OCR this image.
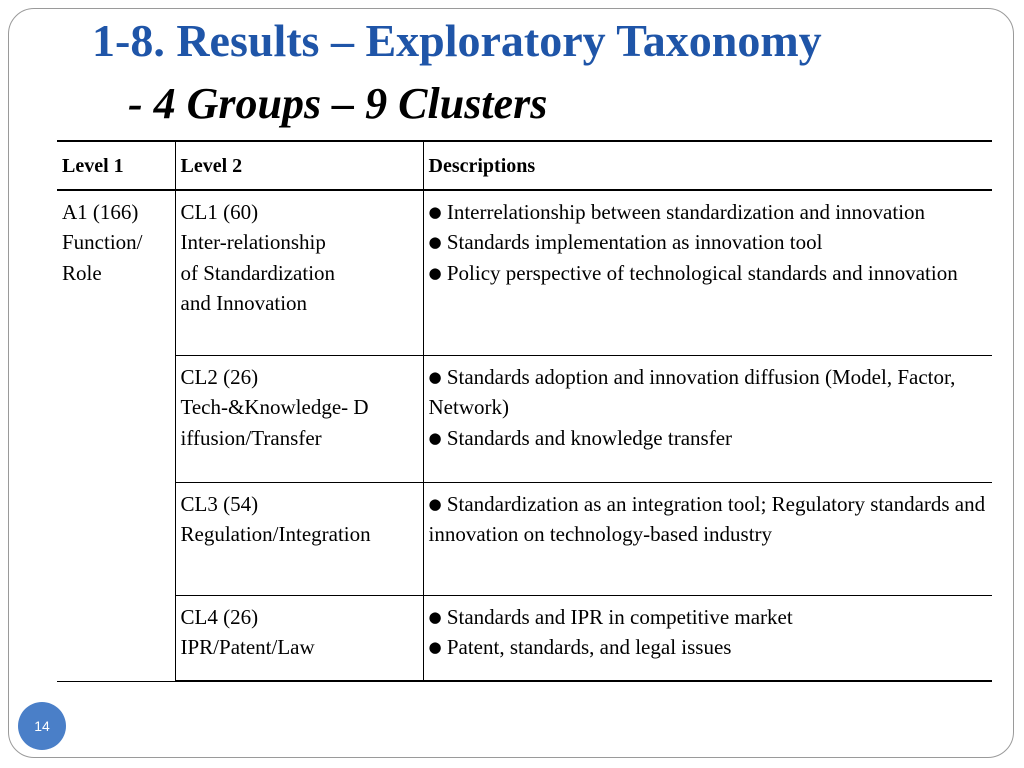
1-8. Results – Exploratory Taxonomy
- 4 Groups – 9 Clusters
Level 1	Level 2	Descriptions

A1 (166)
Function/
Role	CL1 (60)
Inter-relationship
of Standardization
and Innovation	● Interrelationship between standardization and innovation
● Standards implementation as innovation tool
● Policy perspective of technological standards and innovation

	CL2 (26)
Tech-&Knowledge- D
iffusion/Transfer	● Standards adoption and innovation diffusion (Model, Factor, Network)
● Standards and knowledge transfer

	CL3 (54)
Regulation/Integration	● Standardization as an integration tool; Regulatory standards and innovation on technology-based industry

	CL4 (26)
IPR/Patent/Law	● Standards and IPR in competitive market
● Patent, standards, and legal issues
14
